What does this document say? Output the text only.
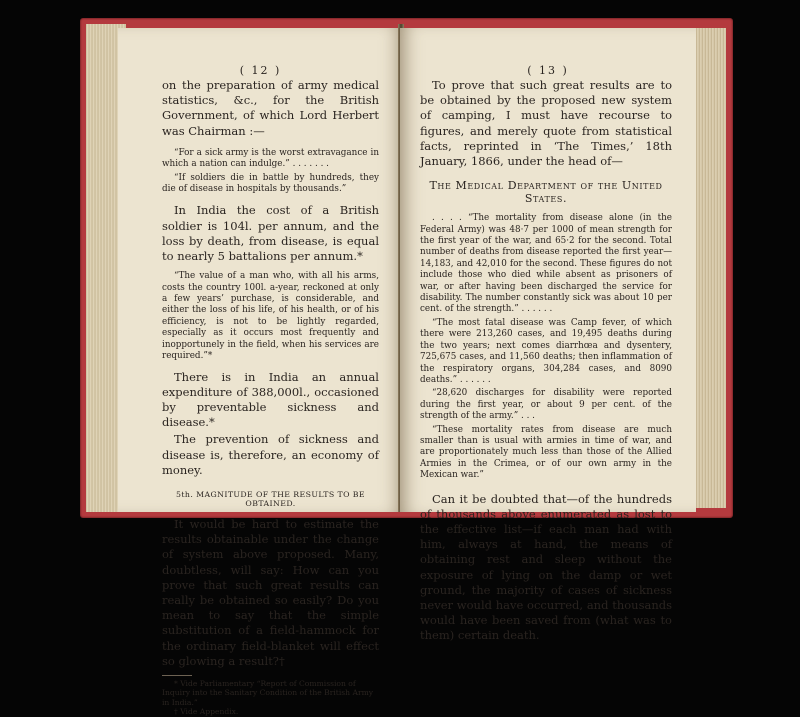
( 12 )

on the preparation of army medical statistics, &c., for the British Government, of which Lord Herbert was Chairman :—

“For a sick army is the worst extravagance in which a nation can indulge.” . . . . . . .

“If soldiers die in battle by hundreds, they die of disease in hospitals by thousands.”

In India the cost of a British soldier is 104l. per annum, and the loss by death, from disease, is equal to nearly 5 battalions per annum.*

“The value of a man who, with all his arms, costs the country 100l. a-year, reckoned at only a few years’ purchase, is considerable, and either the loss of his life, of his health, or of his efficiency, is not to be lightly regarded, especially as it occurs most frequently and inopportunely in the field, when his services are required.”*

There is in India an annual expenditure of 388,000l., occasioned by preventable sickness and disease.*

The prevention of sickness and disease is, therefore, an economy of money.

5th. MAGNITUDE OF THE RESULTS TO BE OBTAINED.

It would be hard to estimate the results obtainable under the change of system above proposed. Many, doubtless, will say: How can you prove that such great results can really be obtained so easily? Do you mean to say that the simple substitution of a field-hammock for the ordinary field-blanket will effect so glowing a result?†

* Vide Parliamentary “Report of Commission of Inquiry into the Sanitary Condition of the British Army in India.”

† Vide Appendix.

( 13 )

To prove that such great results are to be obtained by the proposed new system of camping, I must have recourse to figures, and merely quote from statistical facts, reprinted in ‘The Times,’ 18th January, 1866, under the head of—

The Medical Department of the United States.

. . . . “The mortality from disease alone (in the Federal Army) was 48·7 per 1000 of mean strength for the first year of the war, and 65·2 for the second. Total number of deaths from disease reported the first year—14,183, and 42,010 for the second. These figures do not include those who died while absent as prisoners of war, or after having been discharged the service for disability. The number constantly sick was about 10 per cent. of the strength.” . . . . . .

“The most fatal disease was Camp fever, of which there were 213,260 cases, and 19,495 deaths during the two years; next comes diarrhœa and dysentery, 725,675 cases, and 11,560 deaths; then inflammation of the respiratory organs, 304,284 cases, and 8090 deaths.” . . . . . .

“28,620 discharges for disability were reported during the first year, or about 9 per cent. of the strength of the army.” . . .

“These mortality rates from disease are much smaller than is usual with armies in time of war, and are proportionately much less than those of the Allied Armies in the Crimea, or of our own army in the Mexican war.”

Can it be doubted that—of the hundreds of thousands above enumerated as lost to the effective list—if each man had with him, always at hand, the means of obtaining rest and sleep without the exposure of lying on the damp or wet ground, the majority of cases of sickness never would have occurred, and thousands would have been saved from (what was to them) certain death.
